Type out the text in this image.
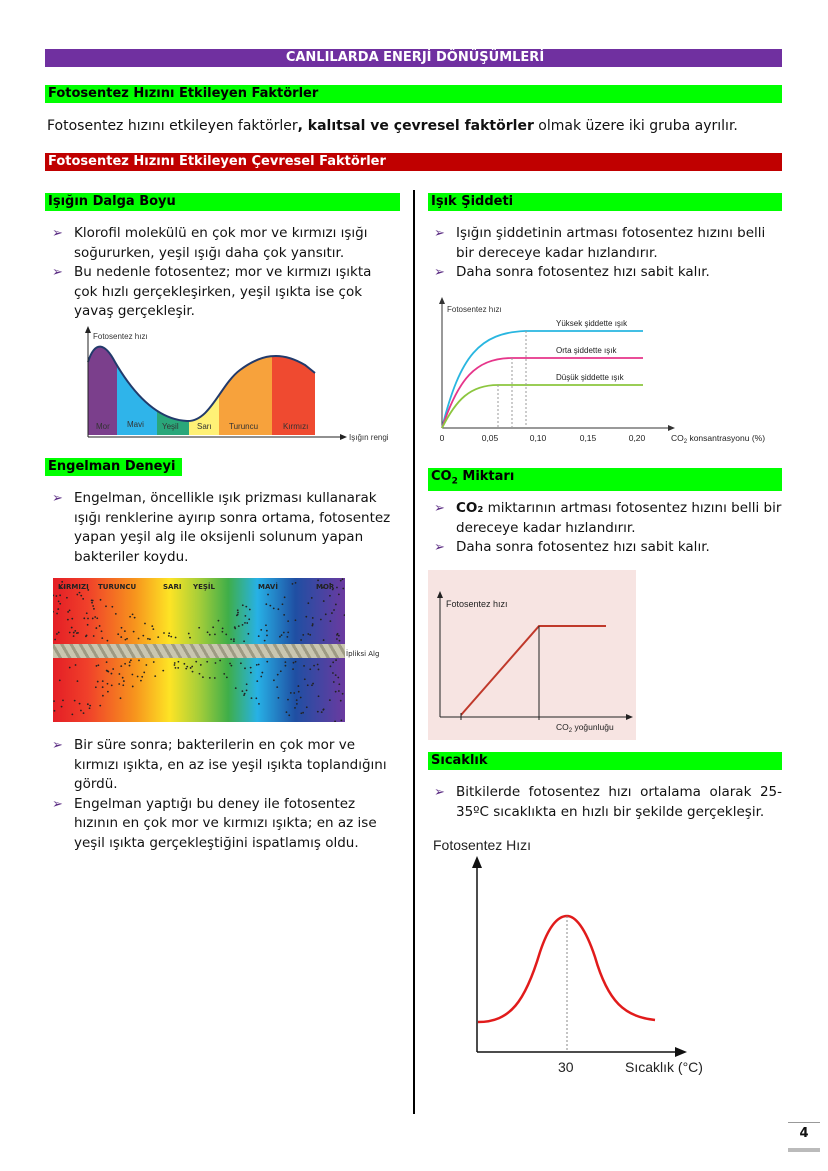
CANLILARDA ENERJİ DÖNÜŞÜMLERİ
Fotosentez Hızını Etkileyen Faktörler
Fotosentez hızını etkileyen faktörler, kalıtsal ve çevresel faktörler olmak üzere iki gruba ayrılır.
Fotosentez Hızını Etkileyen Çevresel Faktörler
Işığın Dalga Boyu
➢ Klorofil molekülü en çok mor ve kırmızı ışığı soğururken, yeşil ışığı daha çok yansıtır.
➢ Bu nedenle fotosentez; mor ve kırmızı ışıkta çok hızlı gerçekleşirken, yeşil ışıkta ise çok yavaş gerçekleşir.
Fotosentez hızı
Işığın rengi
Mor Mavi Yeşil Sarı Turuncu	Kırmızı
Engelman Deneyi
➢ Engelman, öncellikle ışık prizması kullanarak ışığı renklerine ayırıp sonra ortama, fotosentez yapan yeşil alg ile oksijenli solunum yapan bakteriler koydu.
KIRMIZI TURUNCU	SARI YEŞİL	MAVİ	MOR
İpliksi Alg
➢ Bir süre sonra; bakterilerin en çok mor ve kırmızı ışıkta, en az ise yeşil ışıkta toplandığını gördü.
➢ Engelman yaptığı bu deney ile fotosentez hızının en çok mor ve kırmızı ışıkta; en az ise yeşil ışıkta gerçekleştiğini ispatlamış oldu.
Işık Şiddeti
➢ Işığın şiddetinin artması fotosentez hızını belli bir dereceye kadar hızlandırır.
➢ Daha sonra fotosentez hızı sabit kalır.
Fotosentez hızı
Yüksek şiddette ışık
Orta şiddette ışık
Düşük şiddette ışık
0	0,05	0,10	0,15	0,20	$CO_2$ konsantrasyonu (%)
$CO_2$ Miktarı
➢ CO₂ miktarının artması fotosentez hızını belli bir dereceye kadar hızlandırır.
➢ Daha sonra fotosentez hızı sabit kalır.
Fotosentez hızı
$CO_2$ yoğunluğu
Sıcaklık
➢ Bitkilerde fotosentez hızı ortalama olarak 25-35ºC sıcaklıkta en hızlı bir şekilde gerçekleşir.
Fotosentez Hızı
30	Sıcaklık (°C)
Kadir Yücel	www.biodefterim.com
4
